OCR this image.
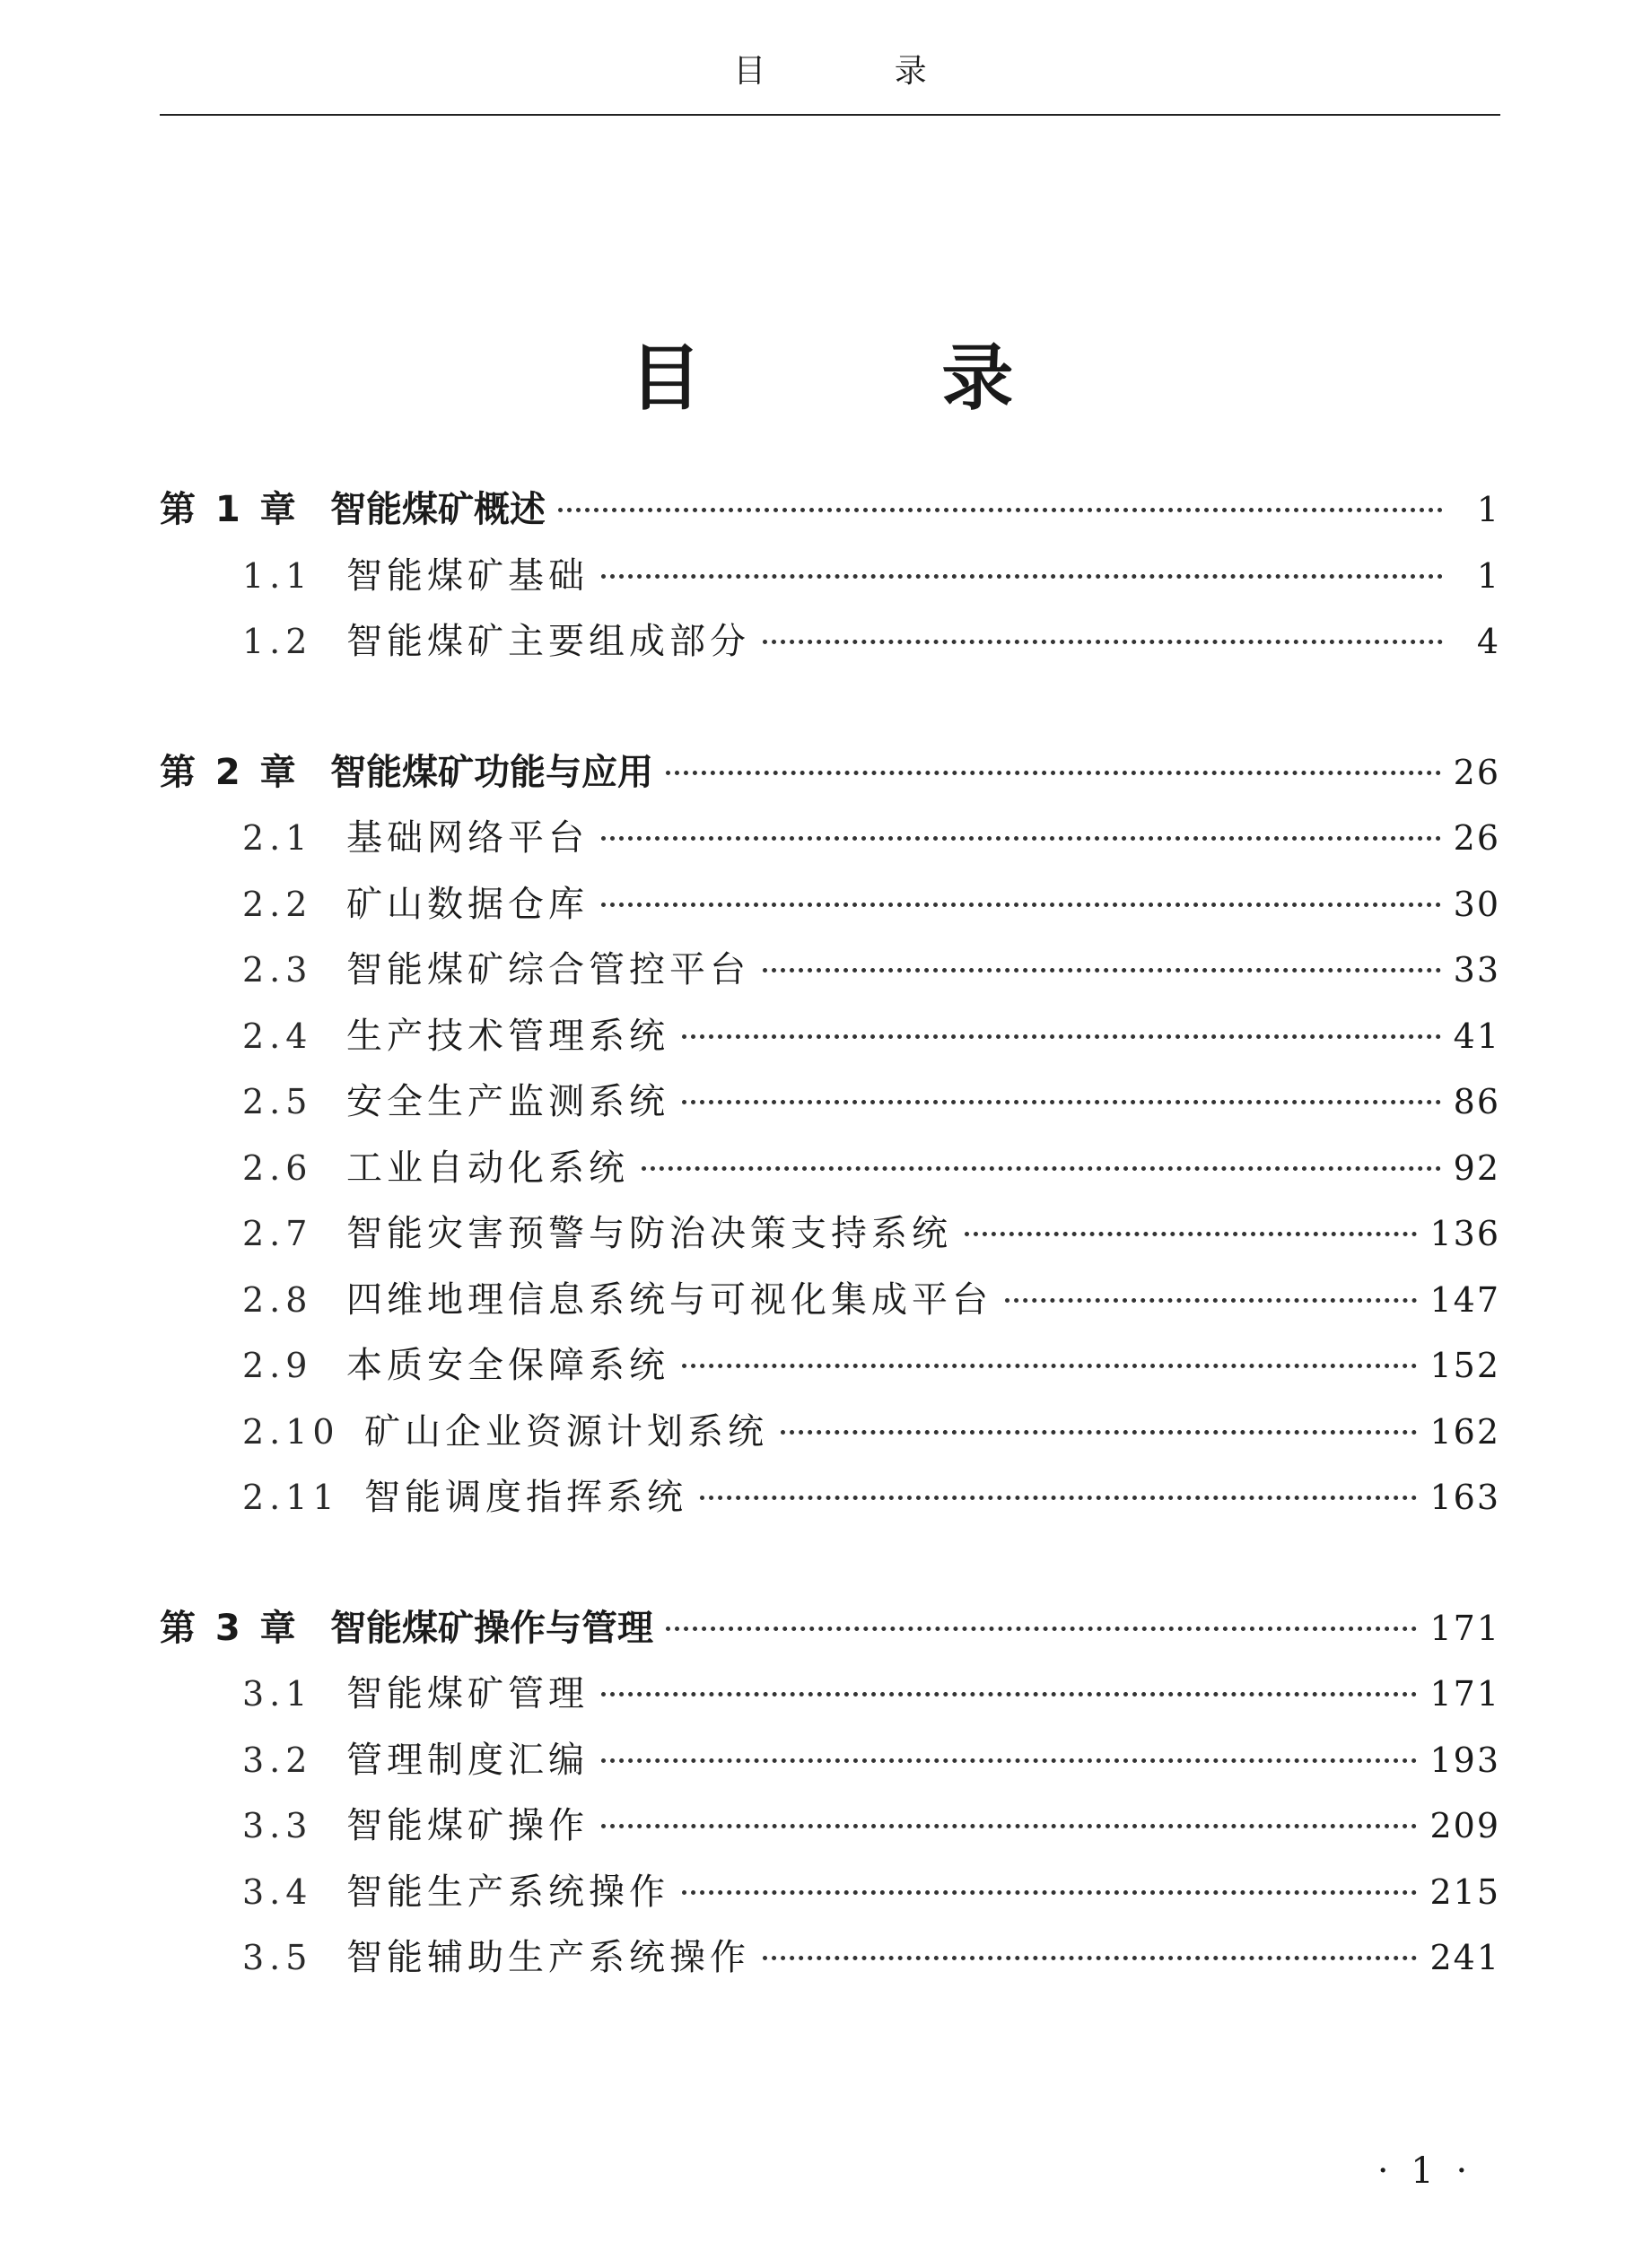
目 录
目 录
第 1 章 智能煤矿概述	1
1.1 智能煤矿基础	1
1.2 智能煤矿主要组成部分	4
第 2 章 智能煤矿功能与应用	26
2.1 基础网络平台	26
2.2 矿山数据仓库	30
2.3 智能煤矿综合管控平台	33
2.4 生产技术管理系统	41
2.5 安全生产监测系统	86
2.6 工业自动化系统	92
2.7 智能灾害预警与防治决策支持系统	136
2.8 四维地理信息系统与可视化集成平台	147
2.9 本质安全保障系统	152
2.10 矿山企业资源计划系统	162
2.11 智能调度指挥系统	163
第 3 章 智能煤矿操作与管理	171
3.1 智能煤矿管理	171
3.2 管理制度汇编	193
3.3 智能煤矿操作	209
3.4 智能生产系统操作	215
3.5 智能辅助生产系统操作	241
· 1 ·
